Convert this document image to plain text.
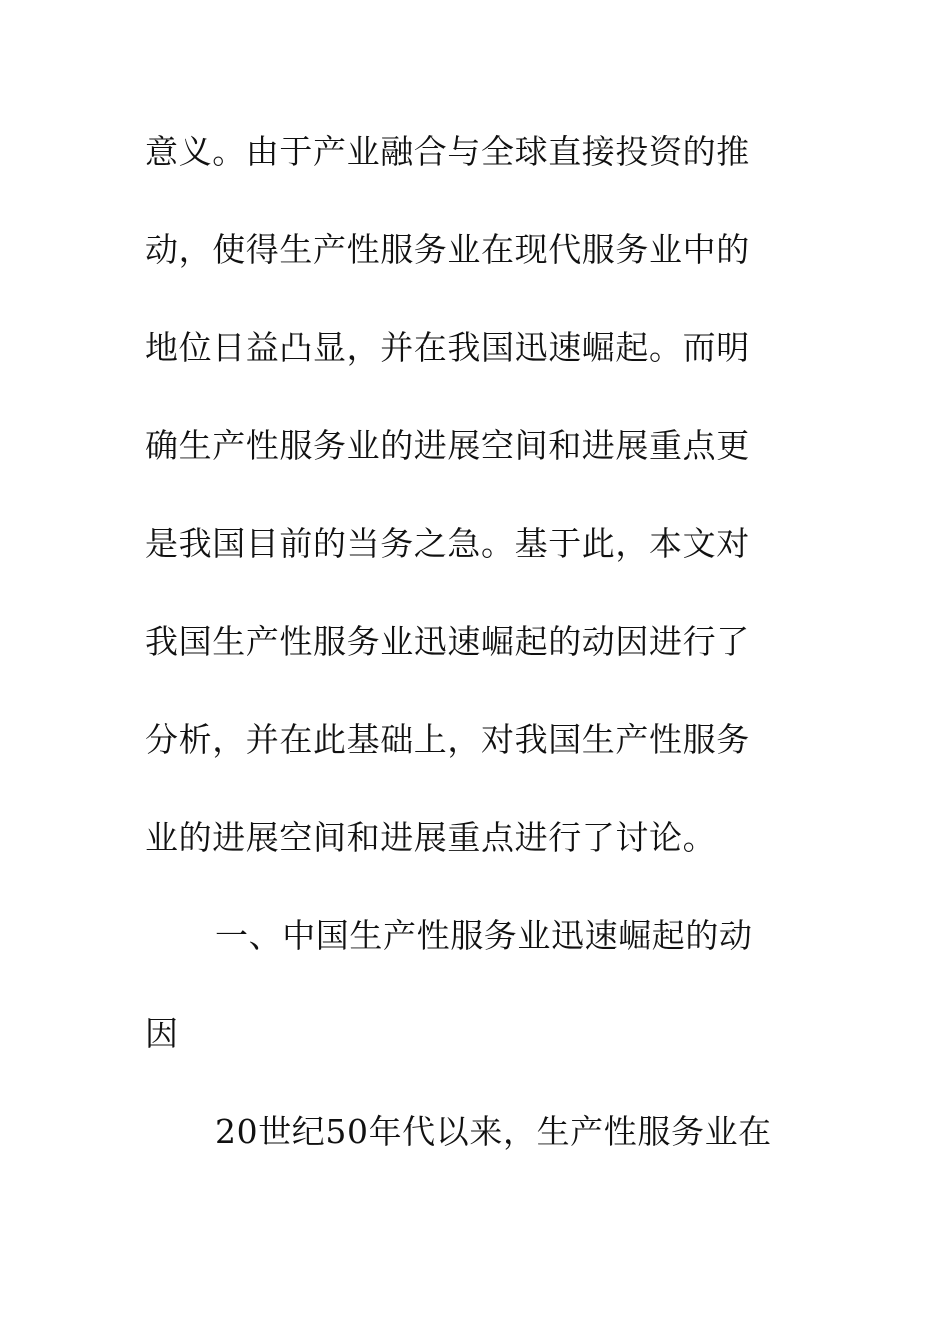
意义。由于产业融合与全球直接投资的推

动，使得生产性服务业在现代服务业中的

地位日益凸显，并在我国迅速崛起。而明

确生产性服务业的进展空间和进展重点更

是我国目前的当务之急。基于此，本文对

我国生产性服务业迅速崛起的动因进行了

分析，并在此基础上，对我国生产性服务

业的进展空间和进展重点进行了讨论。

一、中国生产性服务业迅速崛起的动

因

20世纪50年代以来，生产性服务业在
